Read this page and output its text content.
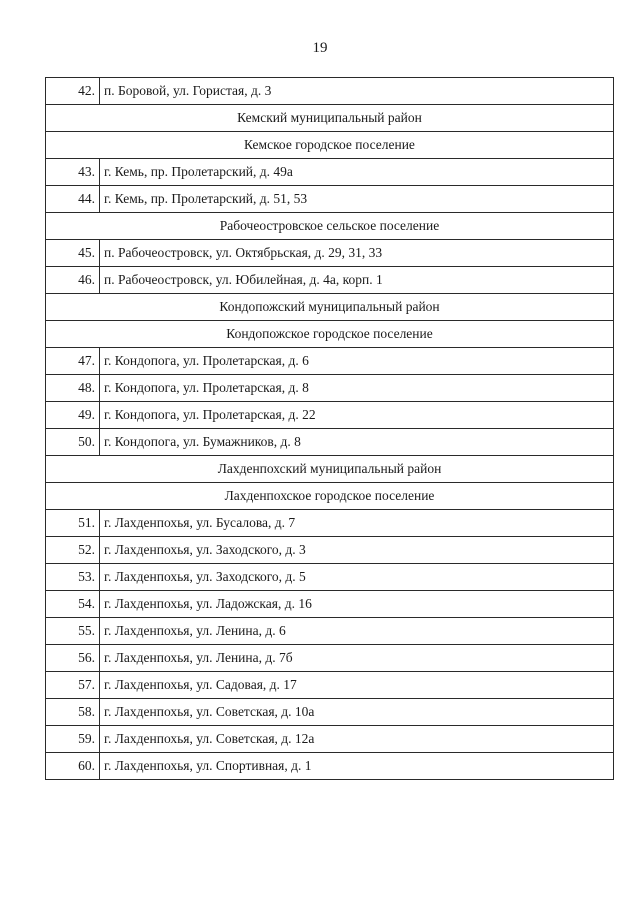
19
42.	п. Боровой, ул. Гористая, д. 3
Кемский муниципальный район	
Кемское городское поселение	
43.	г. Кемь, пр. Пролетарский, д. 49а
44.	г. Кемь, пр. Пролетарский, д. 51, 53
Рабочеостровское сельское поселение	
45.	п. Рабочеостровск, ул. Октябрьская, д. 29, 31, 33
46.	п. Рабочеостровск, ул. Юбилейная, д. 4а, корп. 1
Кондопожский муниципальный район	
Кондопожское городское поселение	
47.	г. Кондопога, ул. Пролетарская, д. 6
48.	г. Кондопога, ул. Пролетарская, д. 8
49.	г. Кондопога, ул. Пролетарская, д. 22
50.	г. Кондопога, ул. Бумажников, д. 8
Лахденпохский муниципальный район	
Лахденпохское городское поселение	
51.	г. Лахденпохья, ул. Бусалова, д. 7
52.	г. Лахденпохья, ул. Заходского, д. 3
53.	г. Лахденпохья, ул. Заходского, д. 5
54.	г. Лахденпохья, ул. Ладожская, д. 16
55.	г. Лахденпохья, ул. Ленина, д. 6
56.	г. Лахденпохья, ул. Ленина, д. 7б
57.	г. Лахденпохья, ул. Садовая, д. 17
58.	г. Лахденпохья, ул. Советская, д. 10а
59.	г. Лахденпохья, ул. Советская, д. 12а
60.	г. Лахденпохья, ул. Спортивная, д. 1
